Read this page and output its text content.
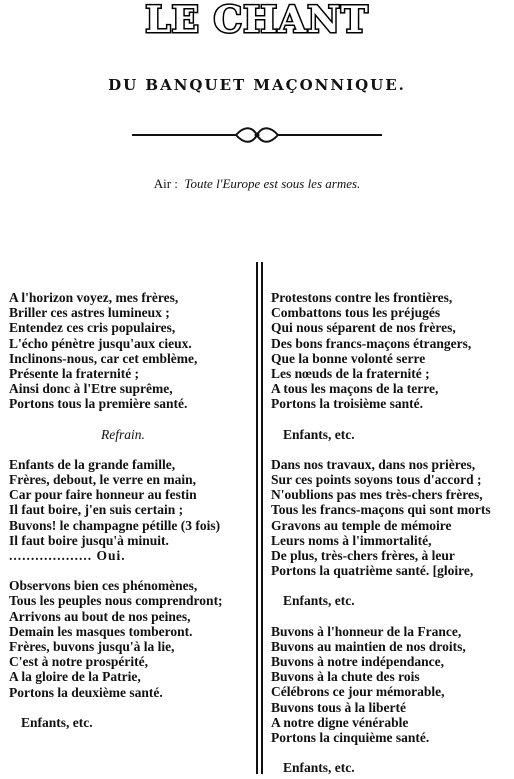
LE CHANT
DU BANQUET MAÇONNIQUE.
Air : Toute l'Europe est sous les armes.
A l'horizon voyez, mes frères,
Briller ces astres lumineux ;
Entendez ces cris populaires,
L'écho pénètre jusqu'aux cieux.
Inclinons-nous, car cet emblème,
Présente la fraternité ;
Ainsi donc à l'Etre suprême,
Portons tous la première santé.
Refrain.
Enfants de la grande famille,
Frères, debout, le verre en main,
Car pour faire honneur au festin
Il faut boire, j'en suis certain ;
Buvons! le champagne pétille (3 fois)
Il faut boire jusqu'à minuit.
................... Oui.
Observons bien ces phénomènes,
Tous les peuples nous comprendront;
Arrivons au bout de nos peines,
Demain les masques tomberont.
Frères, buvons jusqu'à la lie,
C'est à notre prospérité,
A la gloire de la Patrie,
Portons la deuxième santé.
Enfants, etc.
Protestons contre les frontières,
Combattons tous les préjugés
Qui nous séparent de nos frères,
Des bons francs-maçons étrangers,
Que la bonne volonté serre
Les nœuds de la fraternité ;
A tous les maçons de la terre,
Portons la troisième santé.
Enfants, etc.
Dans nos travaux, dans nos prières,
Sur ces points soyons tous d'accord ;
N'oublions pas mes très-chers frères,
Tous les francs-maçons qui sont morts
Gravons au temple de mémoire
Leurs noms à l'immortalité,
De plus, très-chers frères, à leur
Portons la quatrième santé. [gloire,
Enfants, etc.
Buvons à l'honneur de la France,
Buvons au maintien de nos droits,
Buvons à notre indépendance,
Buvons à la chute des rois
Célébrons ce jour mémorable,
Buvons tous à la liberté
A notre digne vénérable
Portons la cinquième santé.
Enfants, etc.
